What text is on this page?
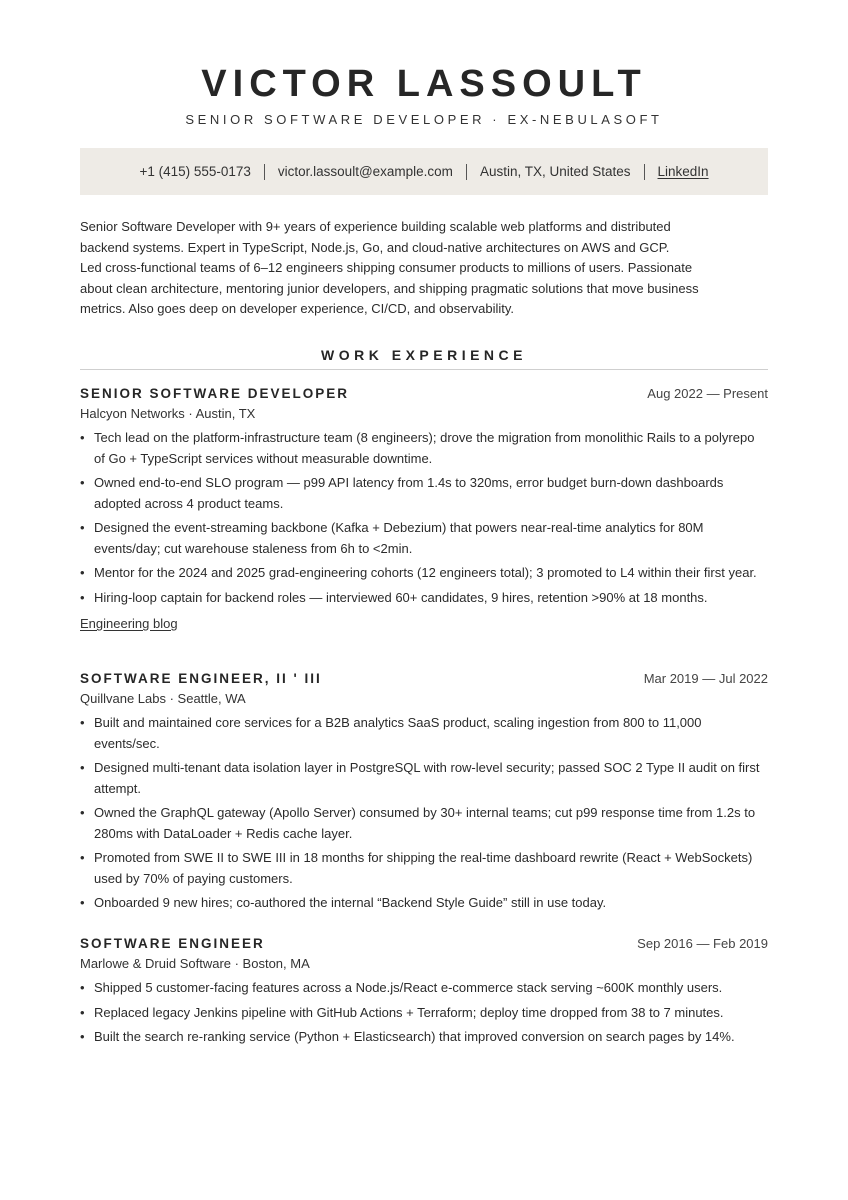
VICTOR LASSOULT
SENIOR SOFTWARE DEVELOPER · EX-NEBULASOFT
+1 (415) 555-0173 victor.lassoult@example.com Austin, TX, United States LinkedIn

Senior Software Developer with 9+ years of experience building scalable web platforms and distributed

backend systems. Expert in TypeScript, Node.js, Go, and cloud-native architectures on AWS and GCP.

Led cross-functional teams of 6–12 engineers shipping consumer products to millions of users. Passionate

about clean architecture, mentoring junior developers, and shipping pragmatic solutions that move business

metrics. Also goes deep on developer experience, CI/CD, and observability.

WORK EXPERIENCE
SENIOR SOFTWARE DEVELOPER	Aug 2022 — Present
Halcyon Networks · Austin, TX
• Tech lead on the platform-infrastructure team (8 engineers); drove the migration from monolithic Rails to a polyrepo of Go + TypeScript services without measurable downtime.
• Owned end-to-end SLO program — p99 API latency from 1.4s to 320ms, error budget burn-down dashboards adopted across 4 product teams.
• Designed the event-streaming backbone (Kafka + Debezium) that powers near-real-time analytics for 80M events/day; cut warehouse staleness from 6h to <2min.
• Mentor for the 2024 and 2025 grad-engineering cohorts (12 engineers total); 3 promoted to L4 within their first year.
• Hiring-loop captain for backend roles — interviewed 60+ candidates, 9 hires, retention >90% at 18 months.
Engineering blog
SOFTWARE ENGINEER, II ' III	Mar 2019 — Jul 2022
Quillvane Labs · Seattle, WA
• Built and maintained core services for a B2B analytics SaaS product, scaling ingestion from 800 to 11,000 events/sec.
• Designed multi-tenant data isolation layer in PostgreSQL with row-level security; passed SOC 2 Type II audit on first attempt.
• Owned the GraphQL gateway (Apollo Server) consumed by 30+ internal teams; cut p99 response time from 1.2s to 280ms with DataLoader + Redis cache layer.
• Promoted from SWE II to SWE III in 18 months for shipping the real-time dashboard rewrite (React + WebSockets) used by 70% of paying customers.
• Onboarded 9 new hires; co-authored the internal “Backend Style Guide” still in use today.
SOFTWARE ENGINEER	Sep 2016 — Feb 2019
Marlowe & Druid Software · Boston, MA
• Shipped 5 customer-facing features across a Node.js/React e-commerce stack serving ~600K monthly users.
• Replaced legacy Jenkins pipeline with GitHub Actions + Terraform; deploy time dropped from 38 to 7 minutes.
• Built the search re-ranking service (Python + Elasticsearch) that improved conversion on search pages by 14%.
